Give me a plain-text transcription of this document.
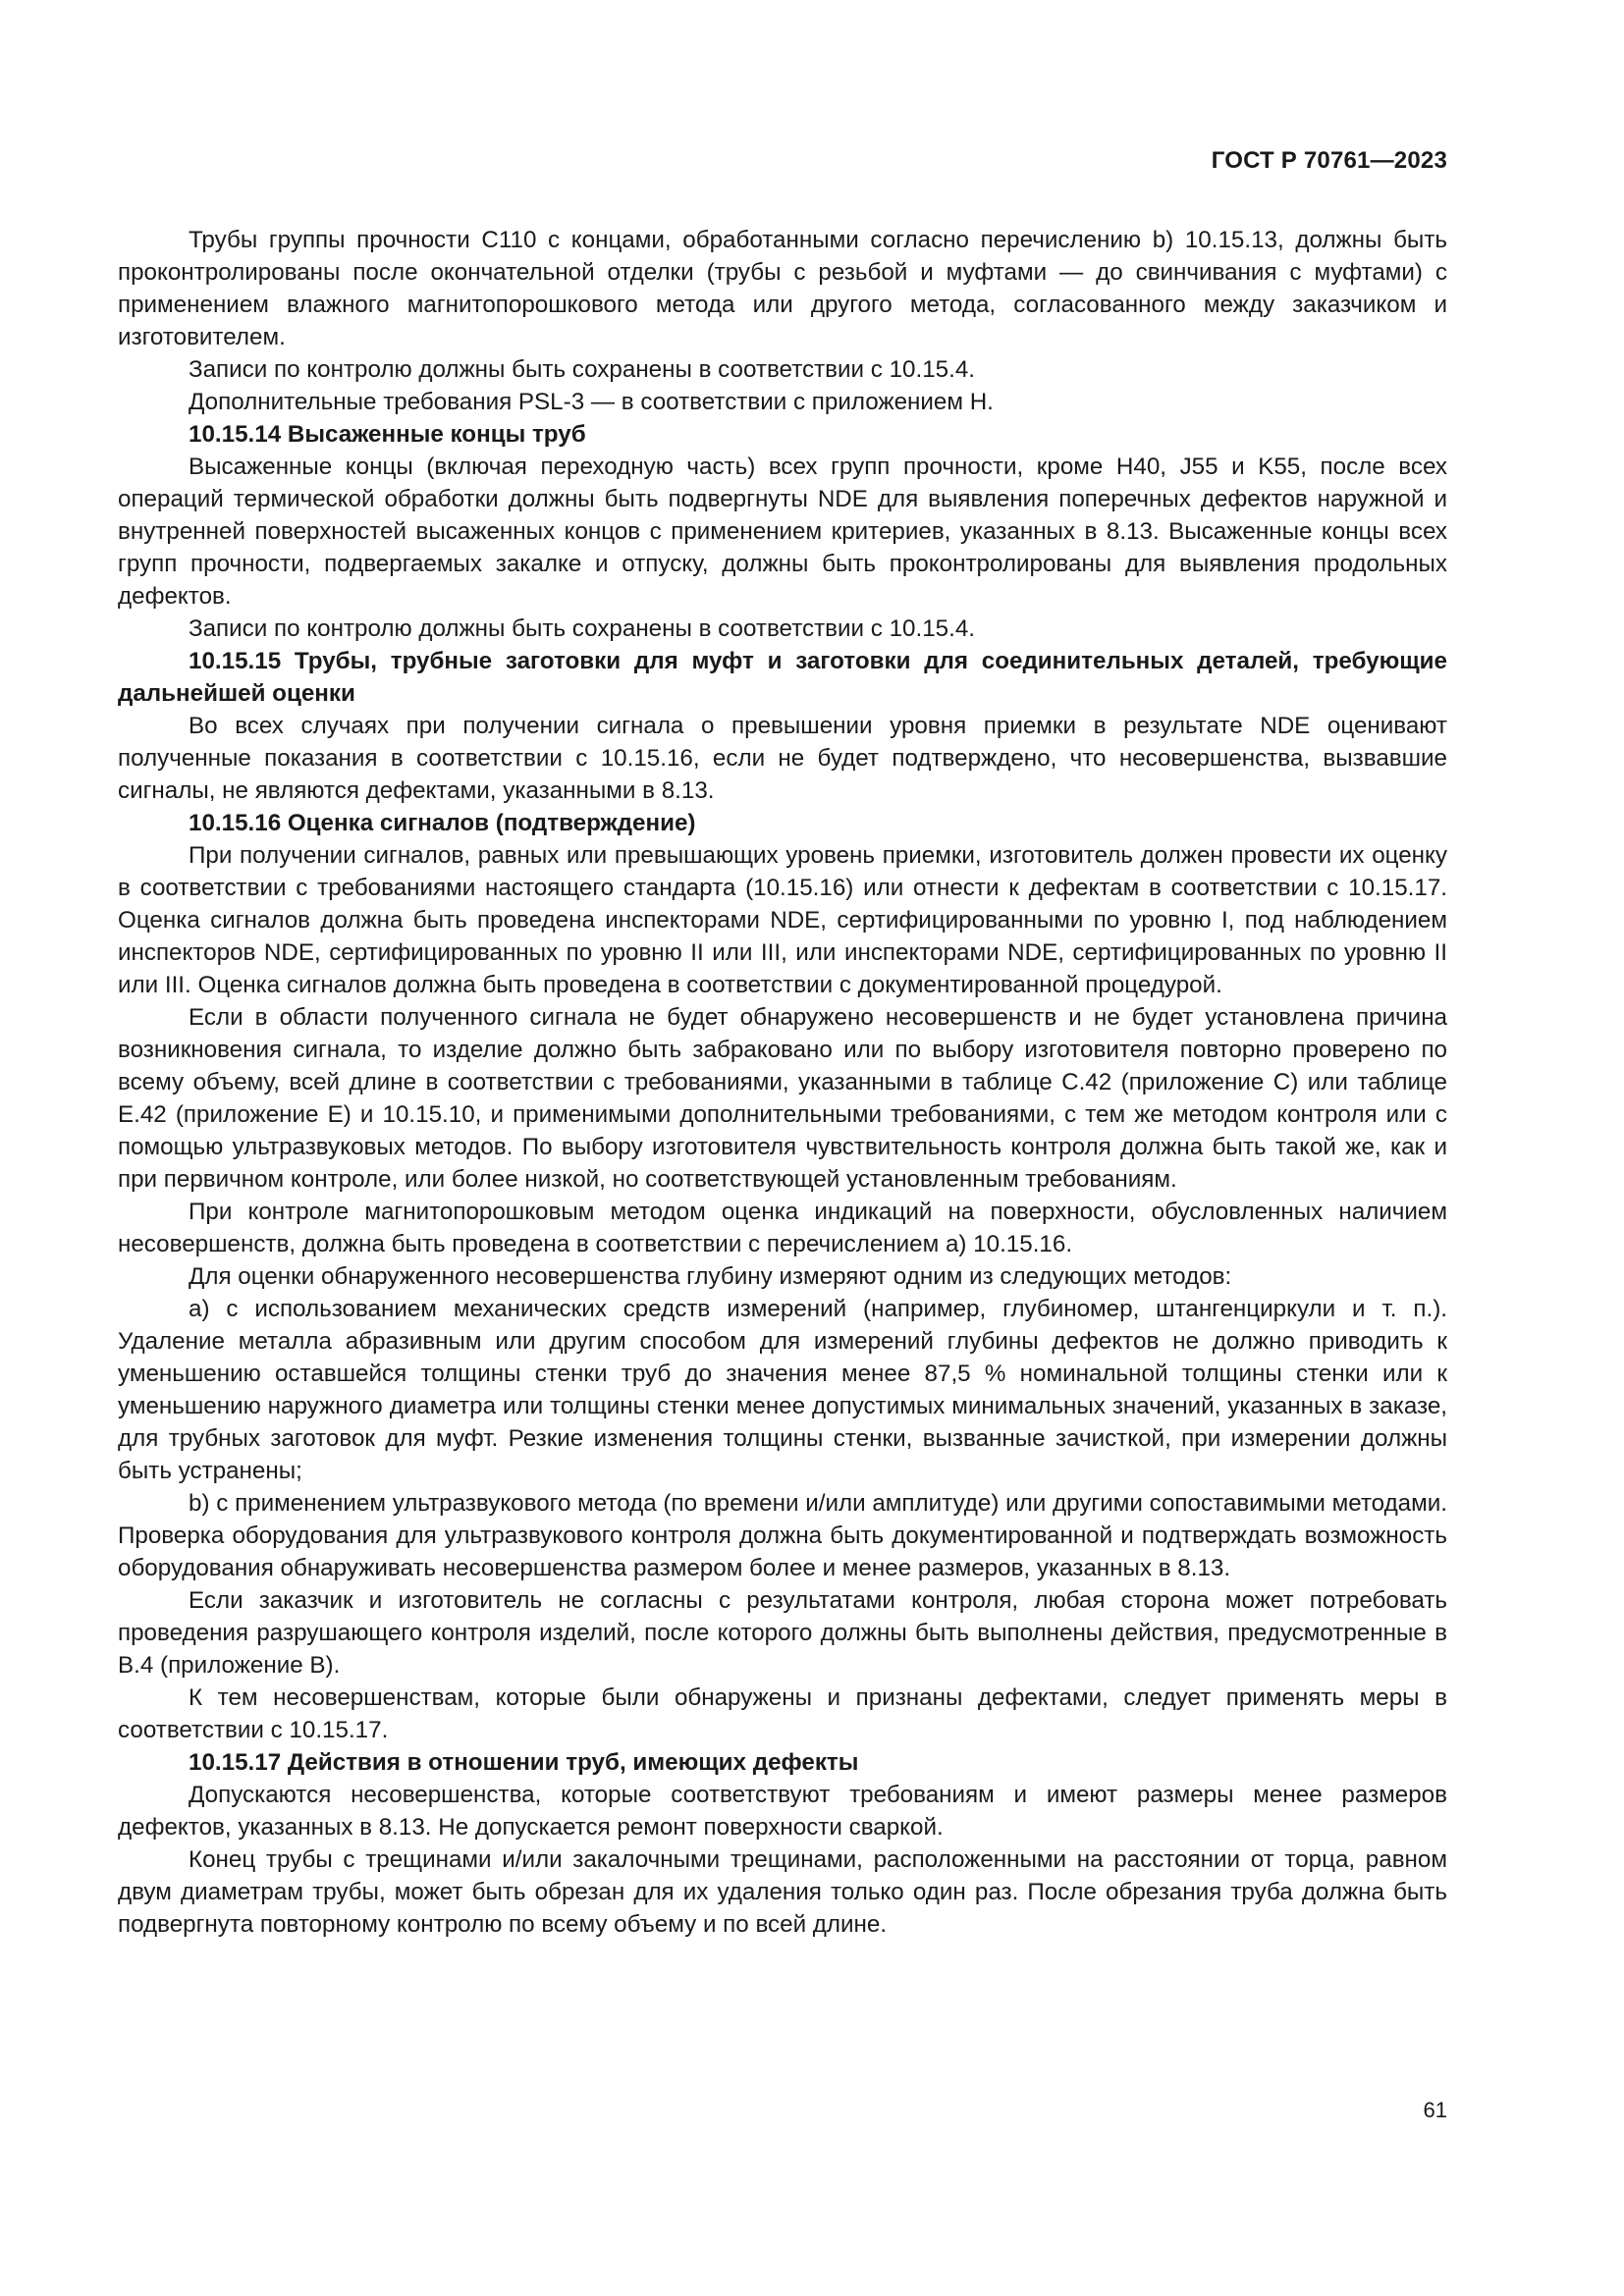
ГОСТ Р 70761—2023

Трубы группы прочности С110 с концами, обработанными согласно перечислению b) 10.15.13, должны быть проконтролированы после окончательной отделки (трубы с резьбой и муфтами — до свинчивания с муфтами) с применением влажного магнитопорошкового метода или другого метода, согласованного между заказчиком и изготовителем.

Записи по контролю должны быть сохранены в соответствии с 10.15.4.

Дополнительные требования PSL-3 — в соответствии с приложением H.

10.15.14 Высаженные концы труб

Высаженные концы (включая переходную часть) всех групп прочности, кроме H40, J55 и K55, после всех операций термической обработки должны быть подвергнуты NDE для выявления поперечных дефектов наружной и внутренней поверхностей высаженных концов с применением критериев, указанных в 8.13. Высаженные концы всех групп прочности, подвергаемых закалке и отпуску, должны быть проконтролированы для выявления продольных дефектов.

Записи по контролю должны быть сохранены в соответствии с 10.15.4.

10.15.15 Трубы, трубные заготовки для муфт и заготовки для соединительных деталей, требующие дальнейшей оценки

Во всех случаях при получении сигнала о превышении уровня приемки в результате NDE оценивают полученные показания в соответствии с 10.15.16, если не будет подтверждено, что несовершенства, вызвавшие сигналы, не являются дефектами, указанными в 8.13.

10.15.16 Оценка сигналов (подтверждение)

При получении сигналов, равных или превышающих уровень приемки, изготовитель должен провести их оценку в соответствии с требованиями настоящего стандарта (10.15.16) или отнести к дефектам в соответствии с 10.15.17. Оценка сигналов должна быть проведена инспекторами NDE, сертифицированными по уровню I, под наблюдением инспекторов NDE, сертифицированных по уровню II или III, или инспекторами NDE, сертифицированных по уровню II или III. Оценка сигналов должна быть проведена в соответствии с документированной процедурой.

Если в области полученного сигнала не будет обнаружено несовершенств и не будет установлена причина возникновения сигнала, то изделие должно быть забраковано или по выбору изготовителя повторно проверено по всему объему, всей длине в соответствии с требованиями, указанными в таблице С.42 (приложение С) или таблице Е.42 (приложение Е) и 10.15.10, и применимыми дополнительными требованиями, с тем же методом контроля или с помощью ультразвуковых методов. По выбору изготовителя чувствительность контроля должна быть такой же, как и при первичном контроле, или более низкой, но соответствующей установленным требованиям.

При контроле магнитопорошковым методом оценка индикаций на поверхности, обусловленных наличием несовершенств, должна быть проведена в соответствии с перечислением а) 10.15.16.

Для оценки обнаруженного несовершенства глубину измеряют одним из следующих методов:

а) с использованием механических средств измерений (например, глубиномер, штангенциркули и т. п.). Удаление металла абразивным или другим способом для измерений глубины дефектов не должно приводить к уменьшению оставшейся толщины стенки труб до значения менее 87,5 % номинальной толщины стенки или к уменьшению наружного диаметра или толщины стенки менее допустимых минимальных значений, указанных в заказе, для трубных заготовок для муфт. Резкие изменения толщины стенки, вызванные зачисткой, при измерении должны быть устранены;

b) с применением ультразвукового метода (по времени и/или амплитуде) или другими сопоставимыми методами. Проверка оборудования для ультразвукового контроля должна быть документированной и подтверждать возможность оборудования обнаруживать несовершенства размером более и менее размеров, указанных в 8.13.

Если заказчик и изготовитель не согласны с результатами контроля, любая сторона может потребовать проведения разрушающего контроля изделий, после которого должны быть выполнены действия, предусмотренные в В.4 (приложение В).

К тем несовершенствам, которые были обнаружены и признаны дефектами, следует применять меры в соответствии с 10.15.17.

10.15.17 Действия в отношении труб, имеющих дефекты

Допускаются несовершенства, которые соответствуют требованиям и имеют размеры менее размеров дефектов, указанных в 8.13. Не допускается ремонт поверхности сваркой.

Конец трубы с трещинами и/или закалочными трещинами, расположенными на расстоянии от торца, равном двум диаметрам трубы, может быть обрезан для их удаления только один раз. После обрезания труба должна быть подвергнута повторному контролю по всему объему и по всей длине.

61
